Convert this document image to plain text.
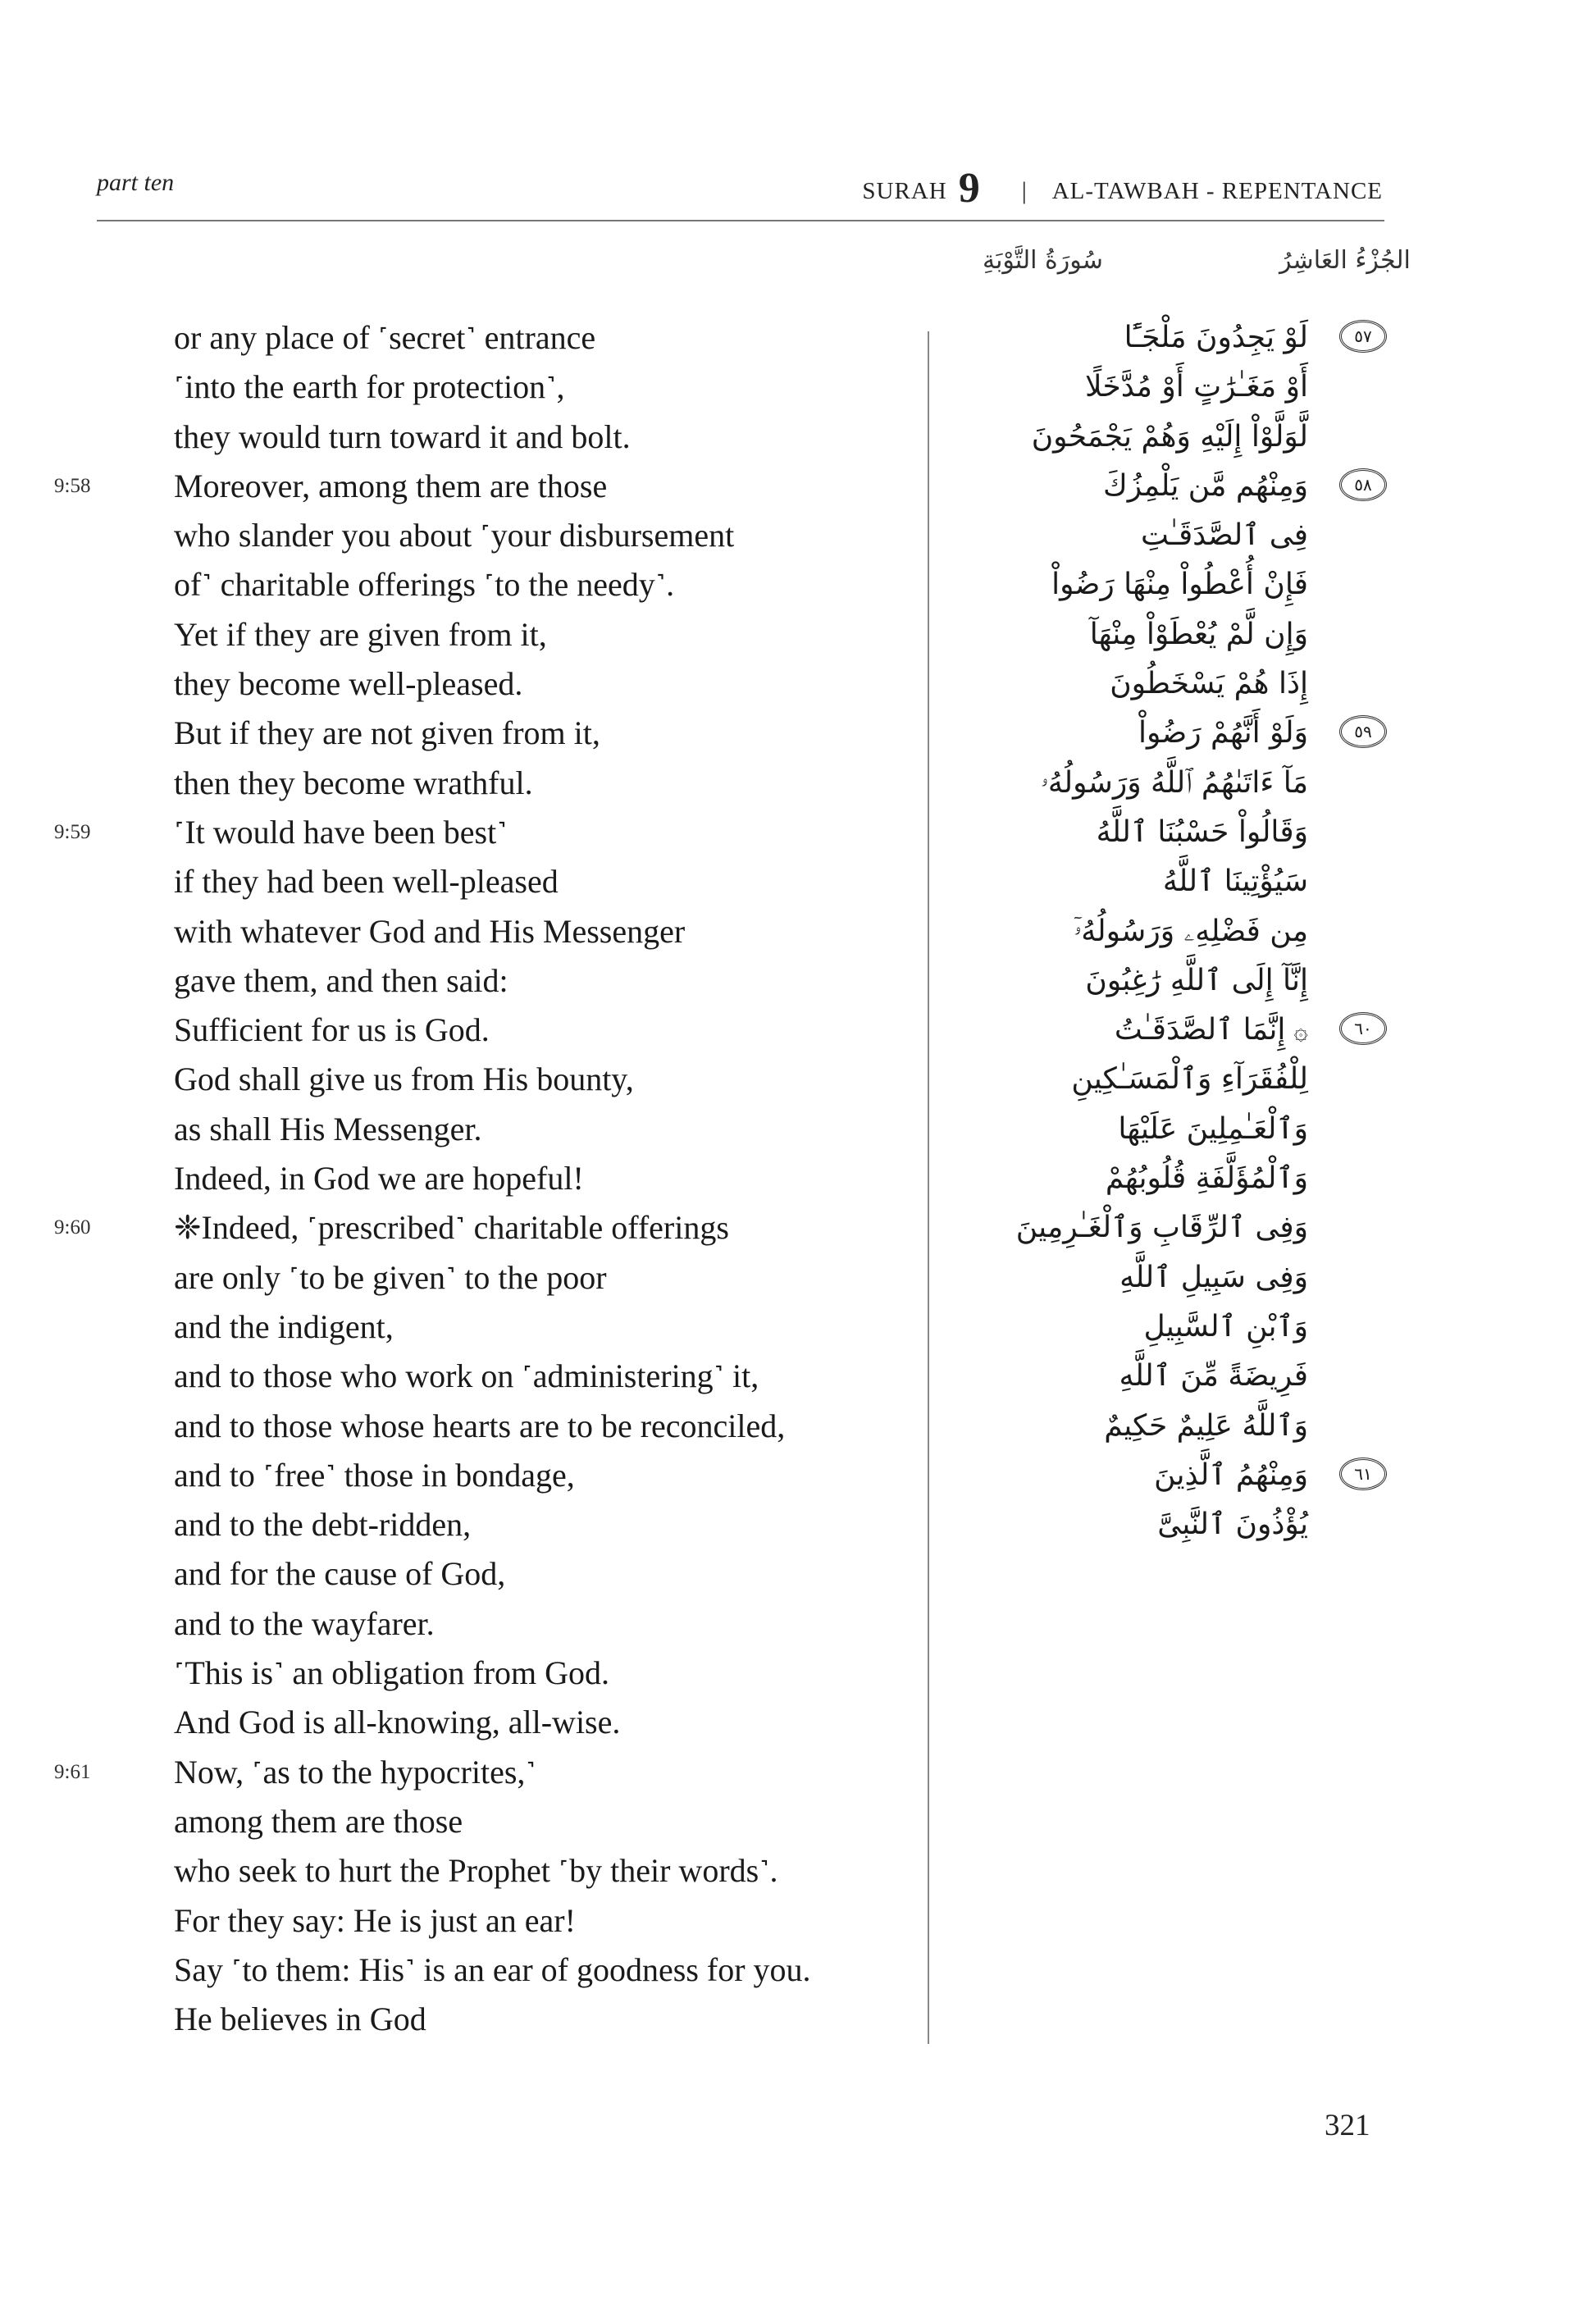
part ten	SURAH 9 | AL-TAWBAH - REPENTANCE
سُورَةُ التَّوْبَةِ	الجُزْءُ العَاشِرُ
or any place of ˹secret˺ entrance
˹into the earth for protection˺,
they would turn toward it and bolt.
9:58	Moreover, among them are those
who slander you about ˹your disbursement
of˺ charitable offerings ˹to the needy˺.
Yet if they are given from it,
they become well-pleased.
But if they are not given from it,
then they become wrathful.
9:59	˹It would have been best˺
if they had been well-pleased
with whatever God and His Messenger
gave them, and then said:
Sufficient for us is God.
God shall give us from His bounty,
as shall His Messenger.
Indeed, in God we are hopeful!
9:60	❈Indeed, ˹prescribed˺ charitable offerings
are only ˹to be given˺ to the poor
and the indigent,
and to those who work on ˹administering˺ it,
and to those whose hearts are to be reconciled,
and to ˹free˺ those in bondage,
and to the debt-ridden,
and for the cause of God,
and to the wayfarer.
˹This is˺ an obligation from God.
And God is all-knowing, all-wise.
9:61	Now, ˹as to the hypocrites,˺
among them are those
who seek to hurt the Prophet ˹by their words˺.
For they say: He is just an ear!
Say ˹to them: His˺ is an ear of goodness for you.
He believes in God
٥٧
لَوْ يَجِدُونَ مَلْجَـًٔا
أَوْ مَغَـٰرَٰتٍ أَوْ مُدَّخَلًا
لَّوَلَّوْاْ إِلَيْهِ وَهُمْ يَجْمَحُونَ
٥٨
وَمِنْهُم مَّن يَلْمِزُكَ
فِى ٱلصَّدَقَـٰتِ
فَإِنْ أُعْطُواْ مِنْهَا رَضُواْ
وَإِن لَّمْ يُعْطَوْاْ مِنْهَآ
إِذَا هُمْ يَسْخَطُونَ
٥٩
وَلَوْ أَنَّهُمْ رَضُواْ
مَآ ءَاتَىٰهُمُ ٱللَّهُ وَرَسُولُهُۥ
وَقَالُواْ حَسْبُنَا ٱللَّهُ
سَيُؤْتِينَا ٱللَّهُ
مِن فَضْلِهِۦ وَرَسُولُهُۥٓ
إِنَّآ إِلَى ٱللَّهِ رَٰغِبُونَ
٦٠
۞إِنَّمَا ٱلصَّدَقَـٰتُ
لِلْفُقَرَآءِ وَٱلْمَسَـٰكِينِ
وَٱلْعَـٰمِلِينَ عَلَيْهَا
وَٱلْمُؤَلَّفَةِ قُلُوبُهُمْ
وَفِى ٱلرِّقَابِ وَٱلْغَـٰرِمِينَ
وَفِى سَبِيلِ ٱللَّهِ
وَٱبْنِ ٱلسَّبِيلِ
فَرِيضَةً مِّنَ ٱللَّهِ
وَٱللَّهُ عَلِيمٌ حَكِيمٌ
٦١
وَمِنْهُمُ ٱلَّذِينَ
يُؤْذُونَ ٱلنَّبِىَّ
321
